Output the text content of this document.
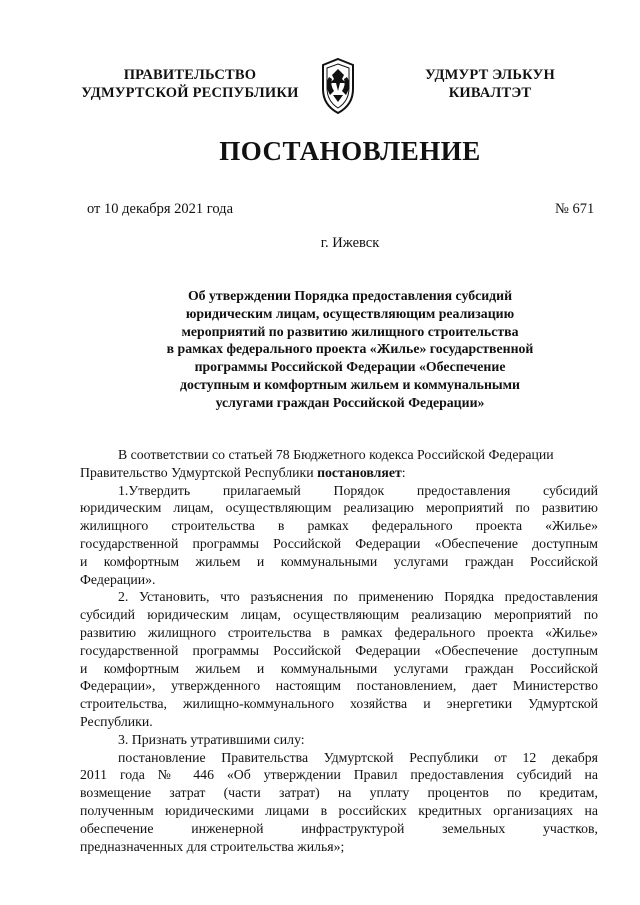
ПРАВИТЕЛЬСТВО
УДМУРТСКОЙ РЕСПУБЛИКИ
УДМУРТ ЭЛЬКУН
КИВАЛТЭТ
ПОСТАНОВЛЕНИЕ
от 10 декабря 2021 года	№ 671
г. Ижевск
Об утверждении Порядка предоставления субсидий
юридическим лицам, осуществляющим реализацию
мероприятий по развитию жилищного строительства
в рамках федерального проекта «Жилье» государственной
программы Российской Федерации «Обеспечение
доступным и комфортным жильем и коммунальными
услугами граждан Российской Федерации»

В соответствии со статьей 78 Бюджетного кодекса Российской Федерации
Правительство Удмуртской Республики постановляет:

1.Утвердить прилагаемый Порядок предоставления субсидий
юридическим лицам, осуществляющим реализацию мероприятий по развитию
жилищного строительства в рамках федерального проекта «Жилье»
государственной программы Российской Федерации «Обеспечение доступным
и комфортным жильем и коммунальными услугами граждан Российской
Федерации».

2. Установить, что разъяснения по применению Порядка предоставления
субсидий юридическим лицам, осуществляющим реализацию мероприятий по
развитию жилищного строительства в рамках федерального проекта «Жилье»
государственной программы Российской Федерации «Обеспечение доступным
и комфортным жильем и коммунальными услугами граждан Российской
Федерации», утвержденного настоящим постановлением, дает Министерство
строительства, жилищно-коммунального хозяйства и энергетики Удмуртской
Республики.

3. Признать утратившими силу:

постановление Правительства Удмуртской Республики от 12 декабря
2011 года № 446 «Об утверждении Правил предоставления субсидий на
возмещение затрат (части затрат) на уплату процентов по кредитам,
полученным юридическими лицами в российских кредитных организациях на
обеспечение инженерной инфраструктурой земельных участков,
предназначенных для строительства жилья»;
